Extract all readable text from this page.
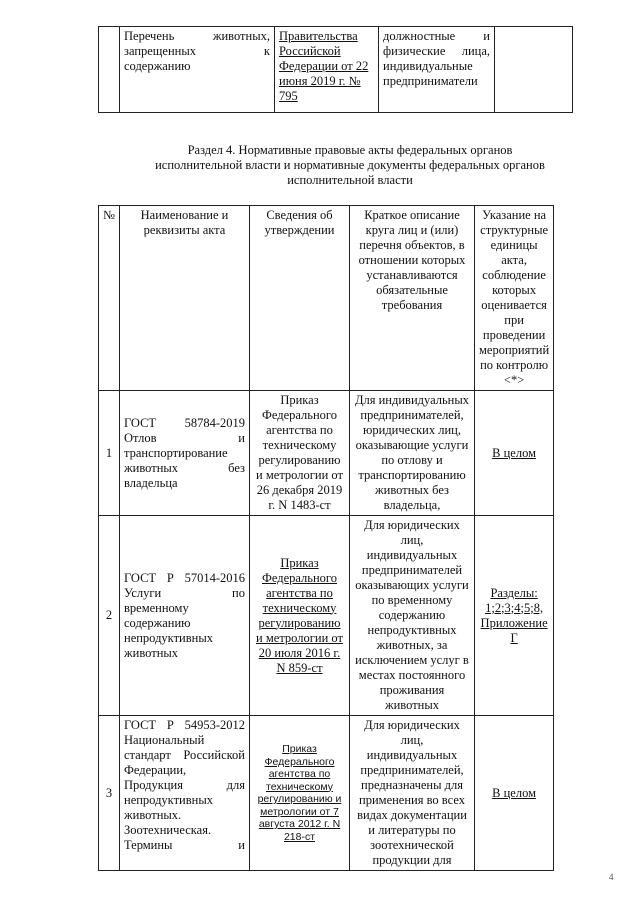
	Перечень животных, запрещенных к содержанию	Правительства Российской Федерации от 22 июня 2019 г. № 795	должностные и физические лица, индивидуальные предприниматели	
Раздел 4. Нормативные правовые акты федеральных органов исполнительной власти и нормативные документы федеральных органов исполнительной власти
№	Наименование и реквизиты акта	Сведения об утверждении	Краткое описание круга лиц и (или) перечня объектов, в отношении которых устанавливаются обязательные требования	Указание на структурные единицы акта, соблюдение которых оценивается при проведении мероприятий по контролю <*>
1	ГОСТ 58784-2019 Отлов и транспортирование животных без владельца	Приказ Федерального агентства по техническому регулированию и метрологии от 26 декабря 2019 г. N 1483-ст	Для индивидуальных предпринимателей, юридических лиц, оказывающие услуги по отлову и транспортированию животных без владельца,	В целом
2	ГОСТ Р 57014-2016 Услуги по временному содержанию непродуктивных животных	Приказ Федерального агентства по техническому регулированию и метрологии от 20 июля 2016 г. N 859-ст	Для юридических лиц, индивидуальных предпринимателей оказывающих услуги по временному содержанию непродуктивных животных, за исключением услуг в местах постоянного проживания животных	Разделы: 1;2;3;4;5;8, Приложение Г
3	ГОСТ Р 54953-2012 Национальный стандарт Российской Федерации, Продукция для непродуктивных животных. Зоотехническая. Термины и	Приказ Федерального агентства по техническому регулированию и метрологии от 7 августа 2012 г. N 218-ст	Для юридических лиц, индивидуальных предпринимателей, предназначены для применения во всех видах документации и литературы по зоотехнической продукции для	В целом
4
